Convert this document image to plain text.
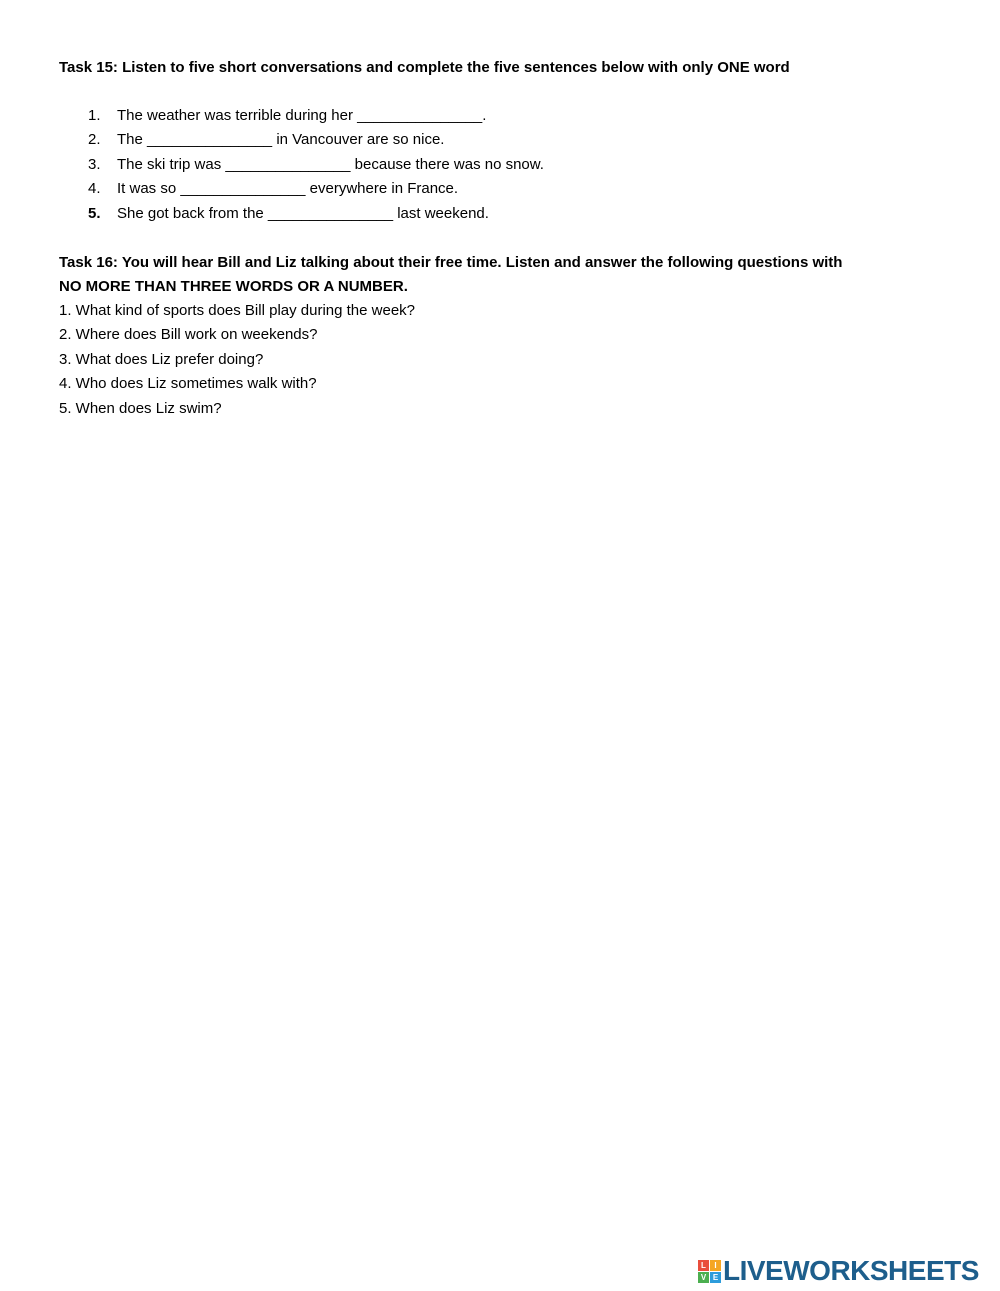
Task 15: Listen to five short conversations and complete the five sentences below with only ONE word
1. The weather was terrible during her _______________.
2. The _______________ in Vancouver are so nice.
3. The ski trip was _______________ because there was no snow.
4. It was so _______________ everywhere in France.
5. She got back from the _______________ last weekend.
Task 16: You will hear Bill and Liz talking about their free time. Listen and answer the following questions with
NO MORE THAN THREE WORDS OR A NUMBER.
1. What kind of sports does Bill play during the week?
2. Where does Bill work on weekends?
3. What does Liz prefer doing?
4. Who does Liz sometimes walk with?
5. When does Liz swim?
L	I
V E LIVEWORKSHEETS
